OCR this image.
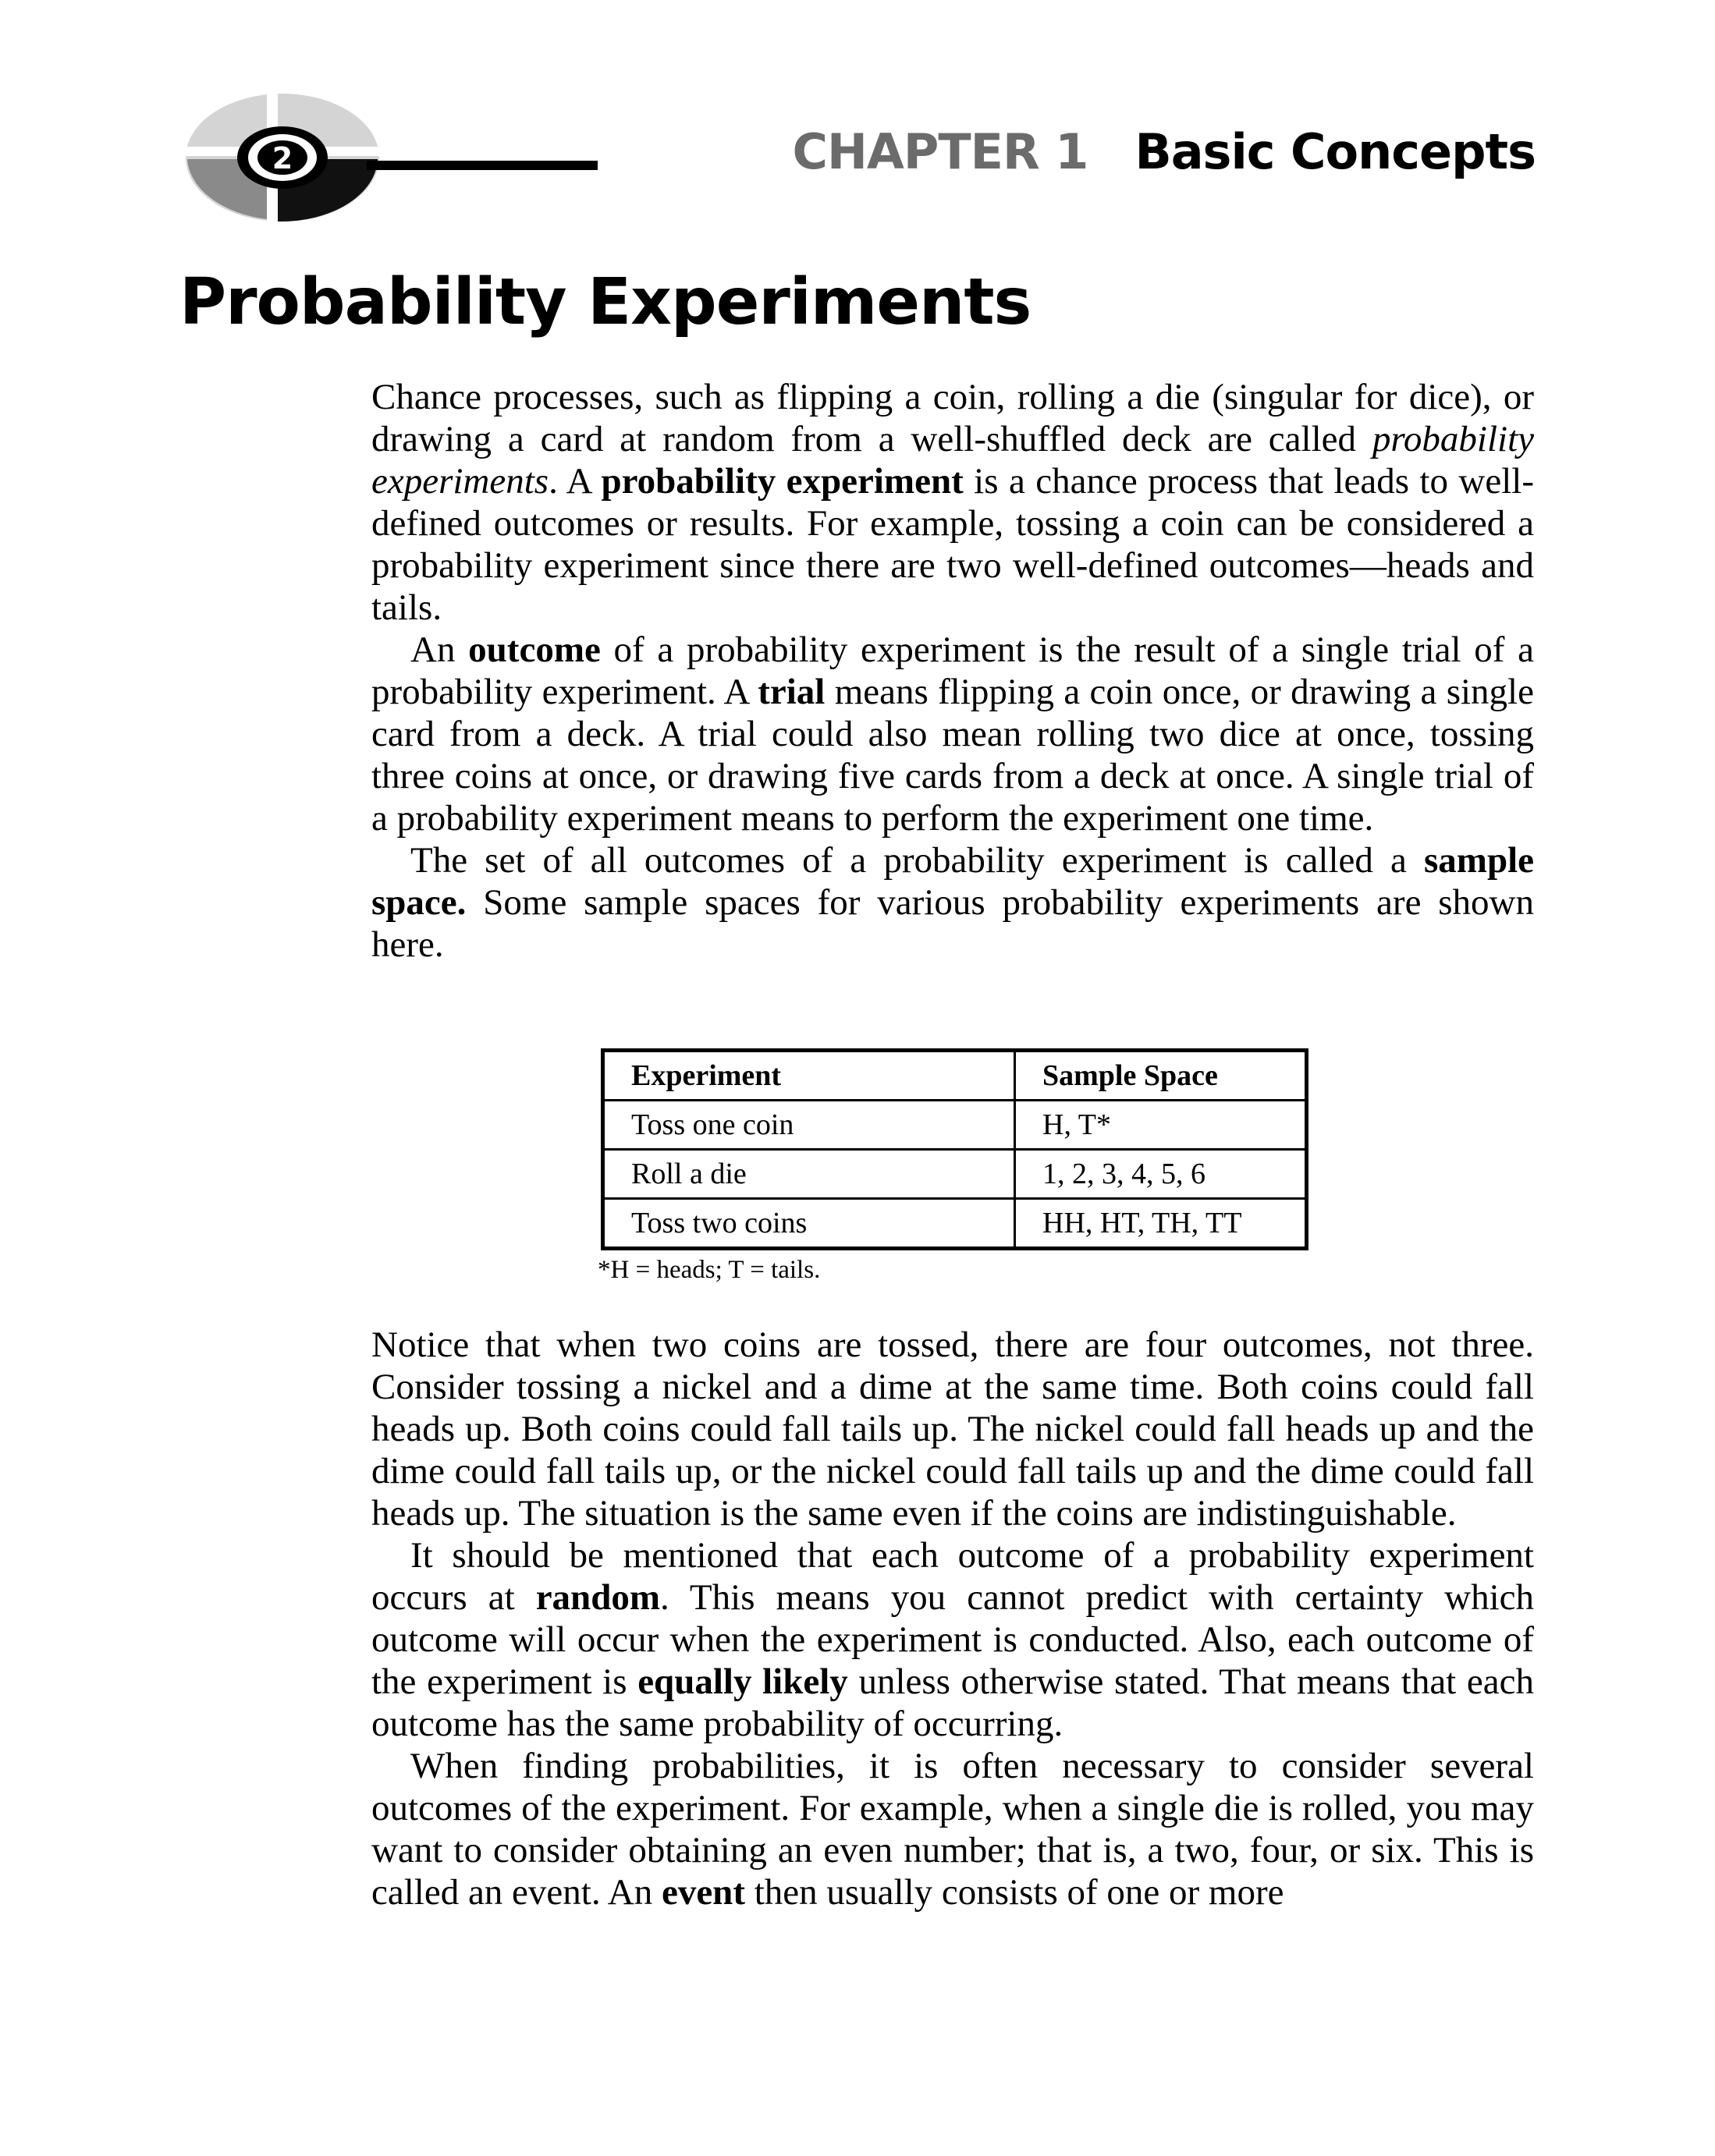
2	CHAPTER 1 Basic Concepts
Probability Experiments

Chance processes, such as flipping a coin, rolling a die (singular for dice), or drawing a card at random from a well-shuffled deck are called probability experiments. A probability experiment is a chance process that leads to well-defined outcomes or results. For example, tossing a coin can be considered a probability experiment since there are two well-defined outcomes—heads and tails.

An outcome of a probability experiment is the result of a single trial of a probability experiment. A trial means flipping a coin once, or drawing a single card from a deck. A trial could also mean rolling two dice at once, tossing three coins at once, or drawing five cards from a deck at once. A single trial of a probability experiment means to perform the experiment one time.

The set of all outcomes of a probability experiment is called a sample space. Some sample spaces for various probability experiments are shown here.

Experiment	Sample Space
Toss one coin	H, T*
Roll a die	1, 2, 3, 4, 5, 6
Toss two coins	HH, HT, TH, TT
*H = heads; T = tails.

Notice that when two coins are tossed, there are four outcomes, not three. Consider tossing a nickel and a dime at the same time. Both coins could fall heads up. Both coins could fall tails up. The nickel could fall heads up and the dime could fall tails up, or the nickel could fall tails up and the dime could fall heads up. The situation is the same even if the coins are indistinguishable.

It should be mentioned that each outcome of a probability experiment occurs at random. This means you cannot predict with certainty which outcome will occur when the experiment is conducted. Also, each outcome of the experiment is equally likely unless otherwise stated. That means that each outcome has the same probability of occurring.

When finding probabilities, it is often necessary to consider several outcomes of the experiment. For example, when a single die is rolled, you may want to consider obtaining an even number; that is, a two, four, or six. This is called an event. An event then usually consists of one or more
